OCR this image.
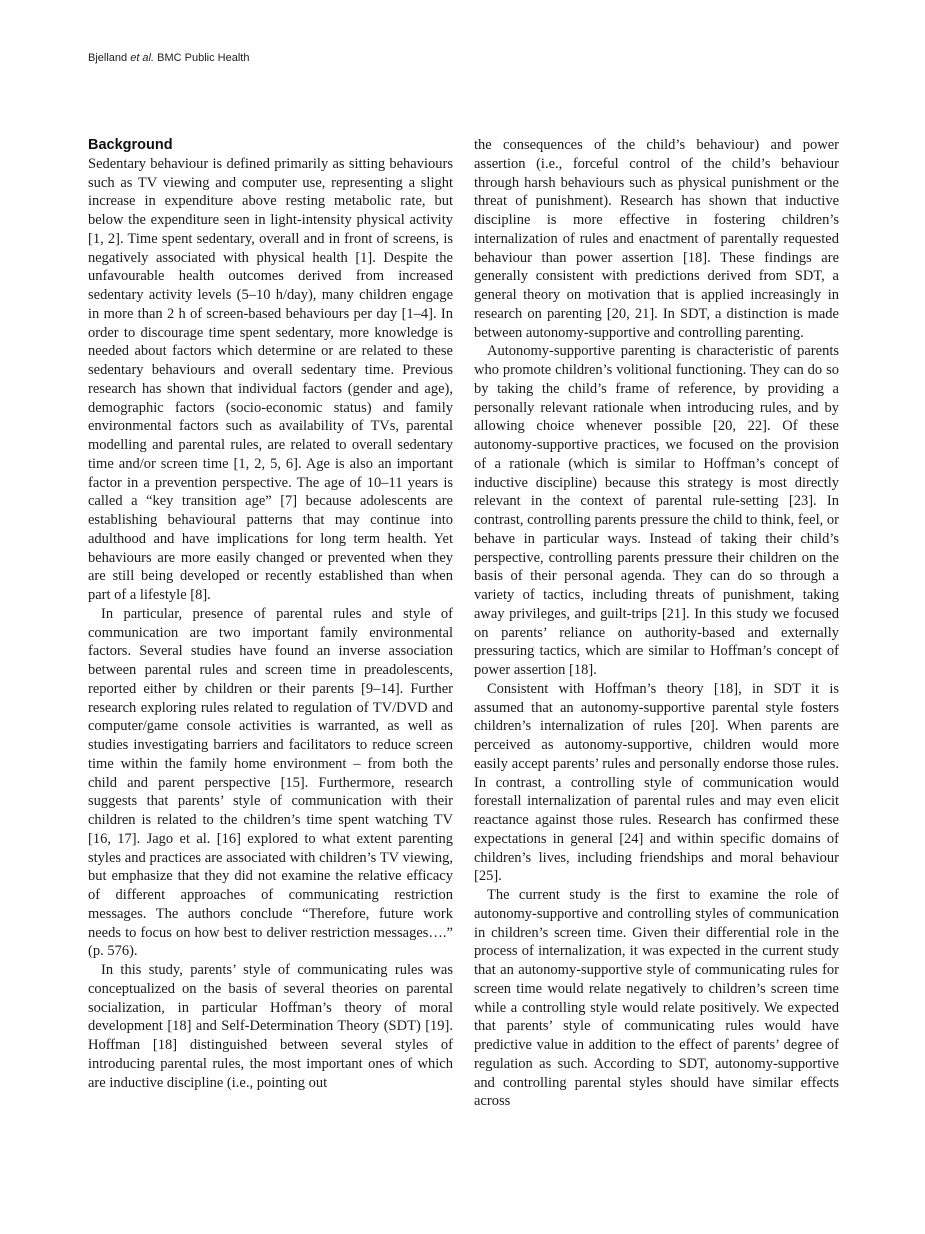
Bjelland et al. BMC Public Health
Background

Sedentary behaviour is defined primarily as sitting behaviours such as TV viewing and computer use, representing a slight increase in expenditure above resting metabolic rate, but below the expenditure seen in light-intensity physical activity [1, 2]. Time spent sedentary, overall and in front of screens, is negatively associated with physical health [1]. Despite the unfavourable health outcomes derived from increased sedentary activity levels (5–10 h/day), many children engage in more than 2 h of screen-based behaviours per day [1–4]. In order to discourage time spent sedentary, more knowledge is needed about factors which determine or are related to these sedentary behaviours and overall sedentary time. Previous research has shown that individual factors (gender and age), demographic factors (socio-economic status) and family environmental factors such as availability of TVs, parental modelling and parental rules, are related to overall sedentary time and/or screen time [1, 2, 5, 6]. Age is also an important factor in a prevention perspective. The age of 10–11 years is called a “key transition age” [7] because adolescents are establishing behavioural patterns that may continue into adulthood and have implications for long term health. Yet behaviours are more easily changed or prevented when they are still being developed or recently established than when part of a lifestyle [8].

In particular, presence of parental rules and style of communication are two important family environmental factors. Several studies have found an inverse association between parental rules and screen time in preadolescents, reported either by children or their parents [9–14]. Further research exploring rules related to regulation of TV/DVD and computer/game console activities is warranted, as well as studies investigating barriers and facilitators to reduce screen time within the family home environment – from both the child and parent perspective [15]. Furthermore, research suggests that parents’ style of communication with their children is related to the children’s time spent watching TV [16, 17]. Jago et al. [16] explored to what extent parenting styles and practices are associated with children’s TV viewing, but emphasize that they did not examine the relative efficacy of different approaches of communicating restriction messages. The authors conclude “Therefore, future work needs to focus on how best to deliver restriction messages….” (p. 576).

In this study, parents’ style of communicating rules was conceptualized on the basis of several theories on parental socialization, in particular Hoffman’s theory of moral development [18] and Self-Determination Theory (SDT) [19]. Hoffman [18] distinguished between several styles of introducing parental rules, the most important ones of which are inductive discipline (i.e., pointing out

the consequences of the child’s behaviour) and power assertion (i.e., forceful control of the child’s behaviour through harsh behaviours such as physical punishment or the threat of punishment). Research has shown that inductive discipline is more effective in fostering children’s internalization of rules and enactment of parentally requested behaviour than power assertion [18]. These findings are generally consistent with predictions derived from SDT, a general theory on motivation that is applied increasingly in research on parenting [20, 21]. In SDT, a distinction is made between autonomy-supportive and controlling parenting.

Autonomy-supportive parenting is characteristic of parents who promote children’s volitional functioning. They can do so by taking the child’s frame of reference, by providing a personally relevant rationale when introducing rules, and by allowing choice whenever possible [20, 22]. Of these autonomy-supportive practices, we focused on the provision of a rationale (which is similar to Hoffman’s concept of inductive discipline) because this strategy is most directly relevant in the context of parental rule-setting [23]. In contrast, controlling parents pressure the child to think, feel, or behave in particular ways. Instead of taking their child’s perspective, controlling parents pressure their children on the basis of their personal agenda. They can do so through a variety of tactics, including threats of punishment, taking away privileges, and guilt-trips [21]. In this study we focused on parents’ reliance on authority-based and externally pressuring tactics, which are similar to Hoffman’s concept of power assertion [18].

Consistent with Hoffman’s theory [18], in SDT it is assumed that an autonomy-supportive parental style fosters children’s internalization of rules [20]. When parents are perceived as autonomy-supportive, children would more easily accept parents’ rules and personally endorse those rules. In contrast, a controlling style of communication would forestall internalization of parental rules and may even elicit reactance against those rules. Research has confirmed these expectations in general [24] and within specific domains of children’s lives, including friendships and moral behaviour [25].

The current study is the first to examine the role of autonomy-supportive and controlling styles of communication in children’s screen time. Given their differential role in the process of internalization, it was expected in the current study that an autonomy-supportive style of communicating rules for screen time would relate negatively to children’s screen time while a controlling style would relate positively. We expected that parents’ style of communicating rules would have predictive value in addition to the effect of parents’ degree of regulation as such. According to SDT, autonomy-supportive and controlling parental styles should have similar effects across
